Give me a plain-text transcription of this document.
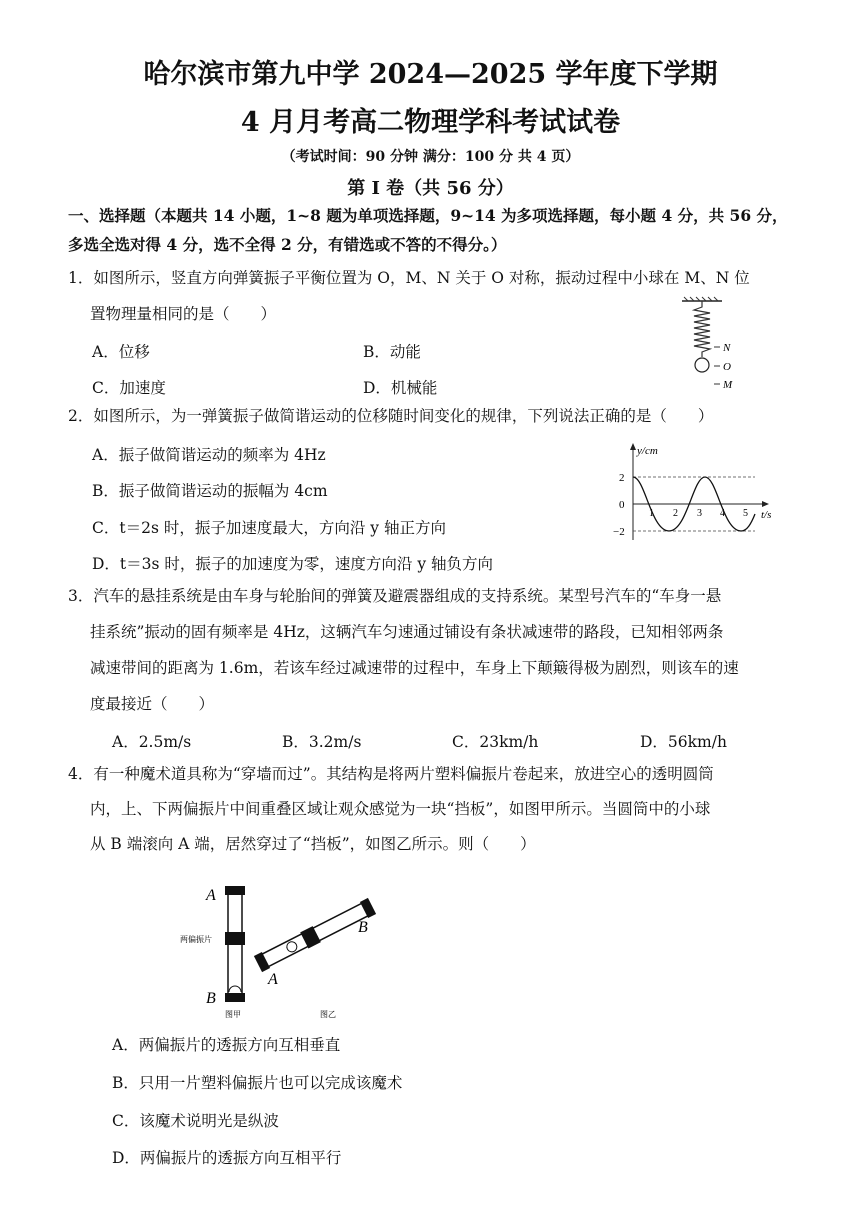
哈尔滨市第九中学 2024—2025 学年度下学期
4 月月考高二物理学科考试试卷
（考试时间：90 分钟 满分：100 分 共 4 页）
第 I 卷（共 56 分）
一、选择题（本题共 14 小题，1~8 题为单项选择题，9~14 为多项选择题，每小题 4 分，共 56 分，
多选全选对得 4 分，选不全得 2 分，有错选或不答的不得分。）
1．如图所示，竖直方向弹簧振子平衡位置为 O，M、N 关于 O 对称，振动过程中小球在 M、N 位
置物理量相同的是（　　）
A．位移	B．动能
C．加速度	D．机械能
N
O
M
2．如图所示，为一弹簧振子做简谐运动的位移随时间变化的规律，下列说法正确的是（　　）
A．振子做简谐运动的频率为 4Hz
B．振子做简谐运动的振幅为 4cm
C．t＝2s 时，振子加速度最大，方向沿 y 轴正方向
D．t＝3s 时，振子的加速度为零，速度方向沿 y 轴负方向
y/cm
t/s
2
0
−2
1 2 3 4 5
3．汽车的悬挂系统是由车身与轮胎间的弹簧及避震器组成的支持系统。某型号汽车的“车身一悬
挂系统”振动的固有频率是 4Hz，这辆汽车匀速通过铺设有条状减速带的路段，已知相邻两条
减速带间的距离为 1.6m，若该车经过减速带的过程中，车身上下颠簸得极为剧烈，则该车的速
度最接近（　　）
A．2.5m/s	B．3.2m/s	C．23km/h	D．56km/h
4．有一种魔术道具称为“穿墙而过”。其结构是将两片塑料偏振片卷起来，放进空心的透明圆筒
内，上、下两偏振片中间重叠区域让观众感觉为一块“挡板”，如图甲所示。当圆筒中的小球
从 B 端滚向 A 端，居然穿过了“挡板”，如图乙所示。则（　　）
A
B
两偏振片
图甲
A
B
图乙
A．两偏振片的透振方向互相垂直
B．只用一片塑料偏振片也可以完成该魔术
C．该魔术说明光是纵波
D．两偏振片的透振方向互相平行
